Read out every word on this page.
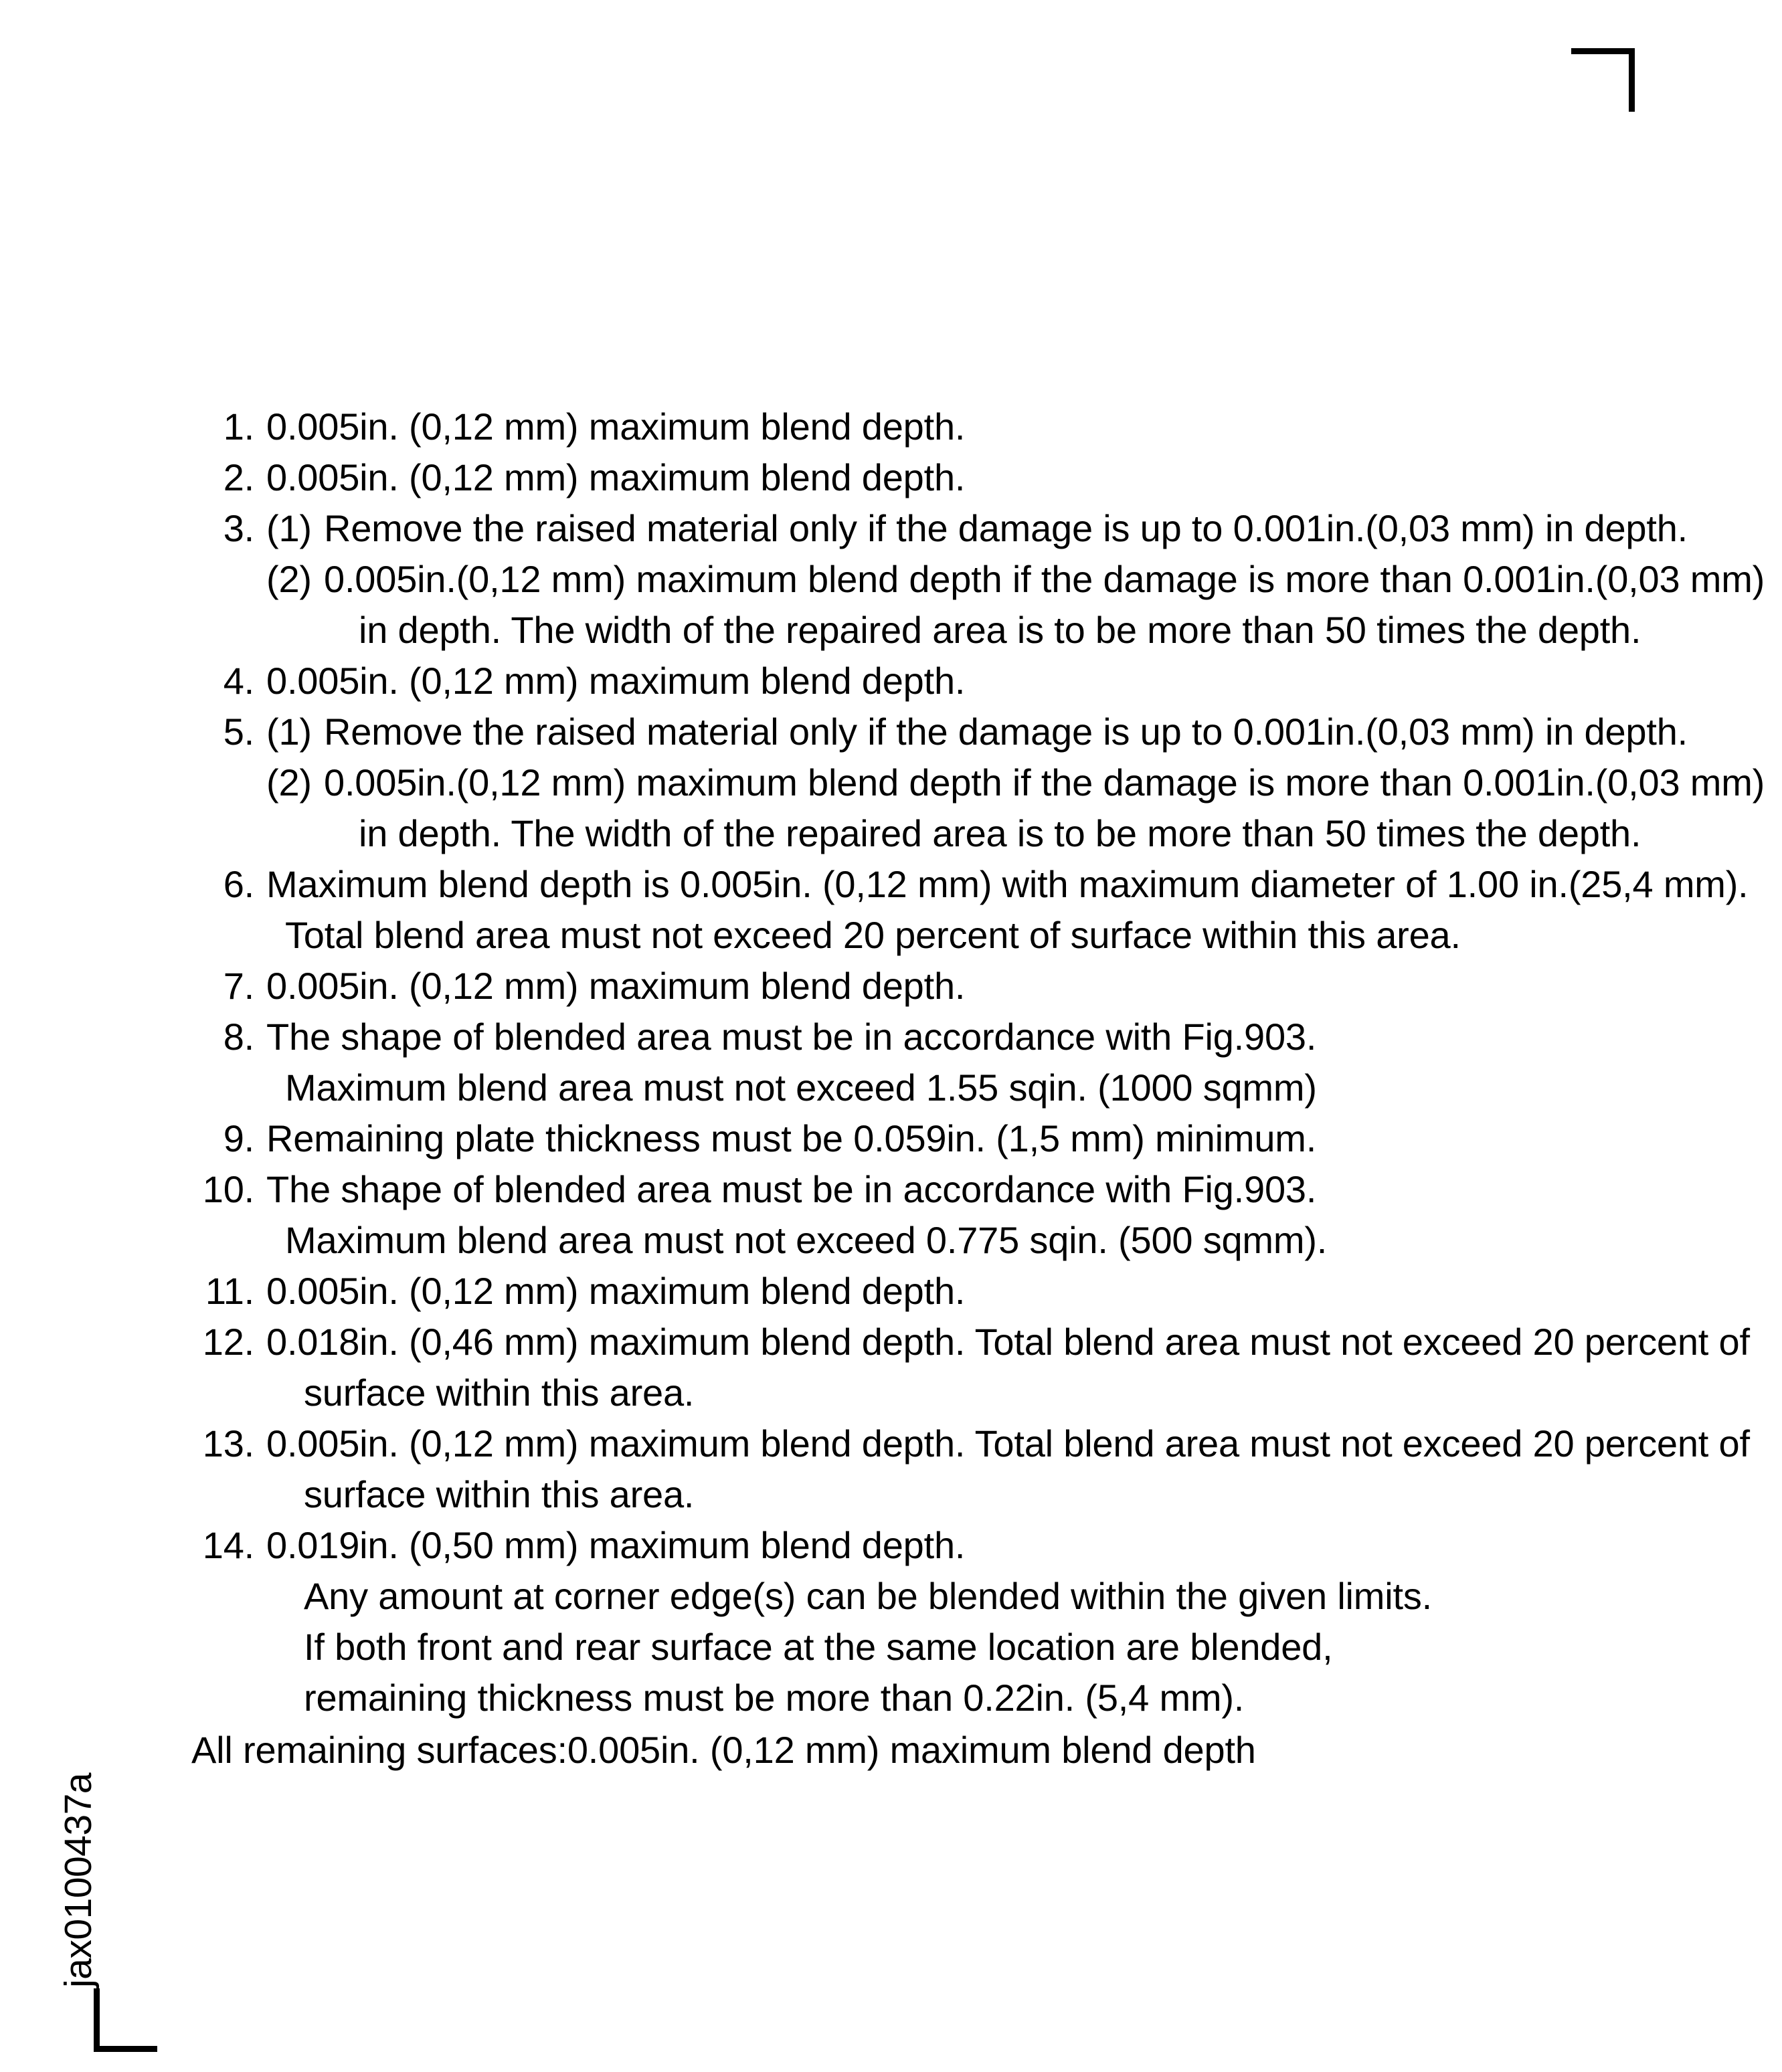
jax0100437a
1. 0.005in. (0,12 mm) maximum blend depth.
2. 0.005in. (0,12 mm) maximum blend depth.
3. (1) Remove the raised material only if the damage is up to 0.001in.(0,03 mm) in depth.
(2) 0.005in.(0,12 mm) maximum blend depth if the damage is more than 0.001in.(0,03 mm)
in depth. The width of the repaired area is to be more than 50 times the depth.
4. 0.005in. (0,12 mm) maximum blend depth.
5. (1) Remove the raised material only if the damage is up to 0.001in.(0,03 mm) in depth.
(2) 0.005in.(0,12 mm) maximum blend depth if the damage is more than 0.001in.(0,03 mm)
in depth. The width of the repaired area is to be more than 50 times the depth.
6. Maximum blend depth is 0.005in. (0,12 mm) with maximum diameter of 1.00 in.(25,4 mm).
Total blend area must not exceed 20 percent of surface within this area.
7. 0.005in. (0,12 mm) maximum blend depth.
8. The shape of blended area must be in accordance with Fig.903.
Maximum blend area must not exceed 1.55 sqin. (1000 sqmm)
9. Remaining plate thickness must be 0.059in. (1,5 mm) minimum.
10. The shape of blended area must be in accordance with Fig.903.
Maximum blend area must not exceed 0.775 sqin. (500 sqmm).
11. 0.005in. (0,12 mm) maximum blend depth.
12. 0.018in. (0,46 mm) maximum blend depth. Total blend area must not exceed 20 percent of
surface within this area.
13. 0.005in. (0,12 mm) maximum blend depth. Total blend area must not exceed 20 percent of
surface within this area.
14. 0.019in. (0,50 mm) maximum blend depth.
Any amount at corner edge(s) can be blended within the given limits.
If both front and rear surface at the same location are blended,
remaining thickness must be more than 0.22in. (5,4 mm).
All remaining surfaces:0.005in. (0,12 mm) maximum blend depth
